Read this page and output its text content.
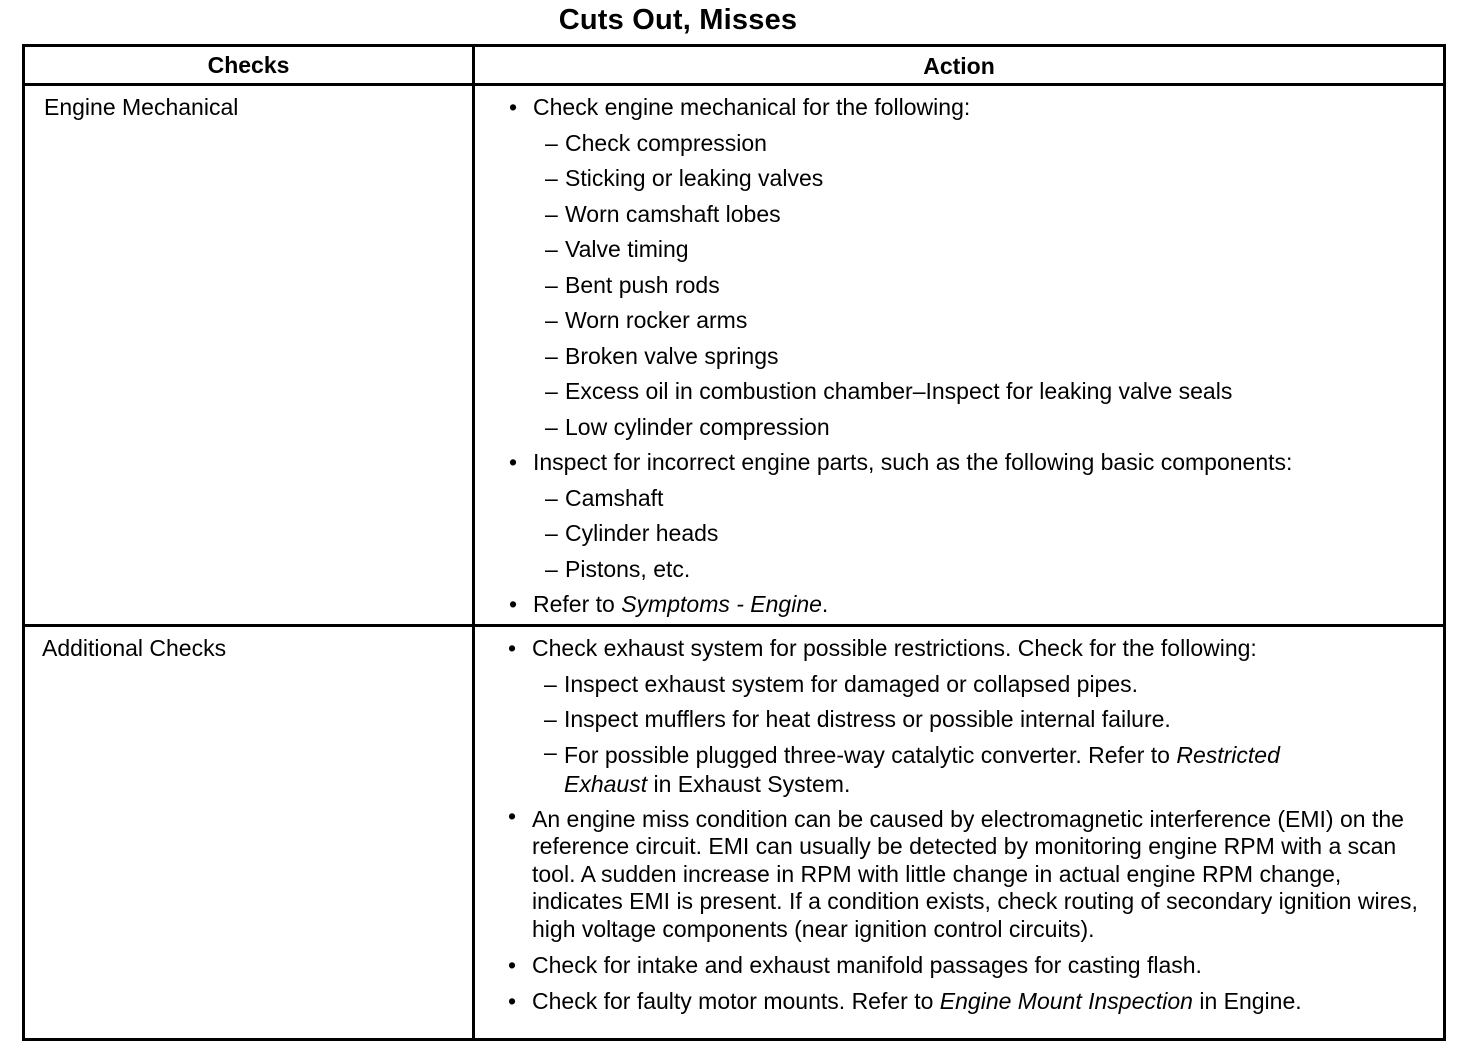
Cuts Out, Misses
Checks	Action
Engine Mechanical	• Check engine mechanical for the following:
– Check compression
– Sticking or leaking valves
– Worn camshaft lobes
– Valve timing
– Bent push rods
– Worn rocker arms
– Broken valve springs
– Excess oil in combustion chamber–Inspect for leaking valve seals
– Low cylinder compression
• Inspect for incorrect engine parts, such as the following basic components:
– Camshaft
– Cylinder heads
– Pistons, etc.
• Refer to Symptoms - Engine.
Additional Checks	• Check exhaust system for possible restrictions. Check for the following:
– Inspect exhaust system for damaged or collapsed pipes.
– Inspect mufflers for heat distress or possible internal failure.
– For possible plugged three-way catalytic converter. Refer to Restricted Exhaust in Exhaust System.
• An engine miss condition can be caused by electromagnetic interference (EMI) on the reference circuit. EMI can usually be detected by monitoring engine RPM with a scan tool. A sudden increase in RPM with little change in actual engine RPM change, indicates EMI is present. If a condition exists, check routing of secondary ignition wires, high voltage components (near ignition control circuits).
• Check for intake and exhaust manifold passages for casting flash.
• Check for faulty motor mounts. Refer to Engine Mount Inspection in Engine.
